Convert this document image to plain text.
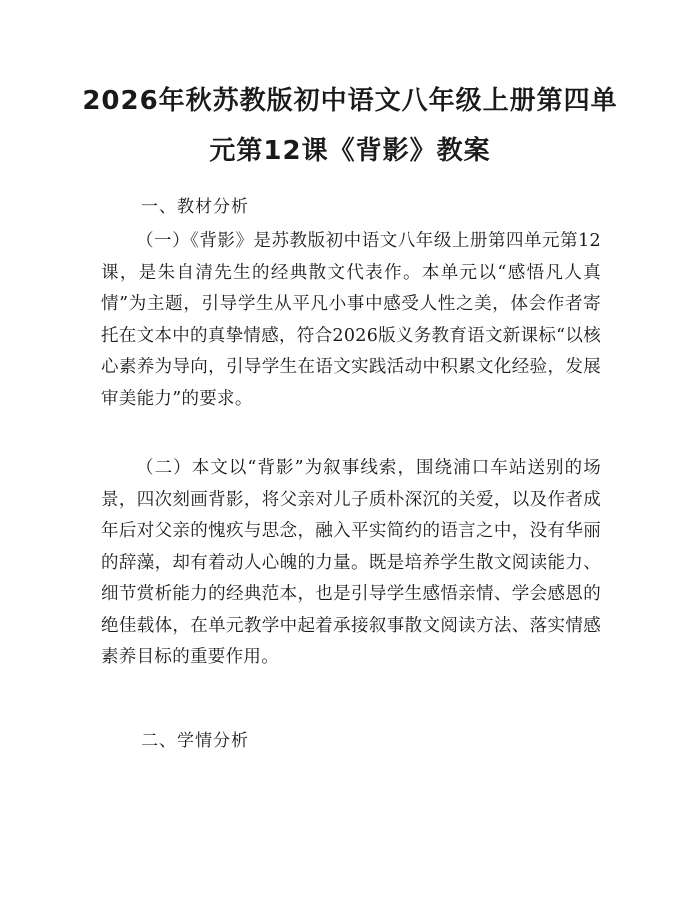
2026年秋苏教版初中语文八年级上册第四单
元第12课《背影》教案
一、教材分析

（一）《背影》是苏教版初中语文八年级上册第四单元第12课，是朱自清先生的经典散文代表作。本单元以“感悟凡人真情”为主题，引导学生从平凡小事中感受人性之美，体会作者寄托在文本中的真挚情感，符合2026版义务教育语文新课标“以核心素养为导向，引导学生在语文实践活动中积累文化经验，发展审美能力”的要求。

（二）本文以“背影”为叙事线索，围绕浦口车站送别的场景，四次刻画背影，将父亲对儿子质朴深沉的关爱，以及作者成年后对父亲的愧疚与思念，融入平实简约的语言之中，没有华丽的辞藻，却有着动人心魄的力量。既是培养学生散文阅读能力、细节赏析能力的经典范本，也是引导学生感悟亲情、学会感恩的绝佳载体，在单元教学中起着承接叙事散文阅读方法、落实情感素养目标的重要作用。

二、学情分析
